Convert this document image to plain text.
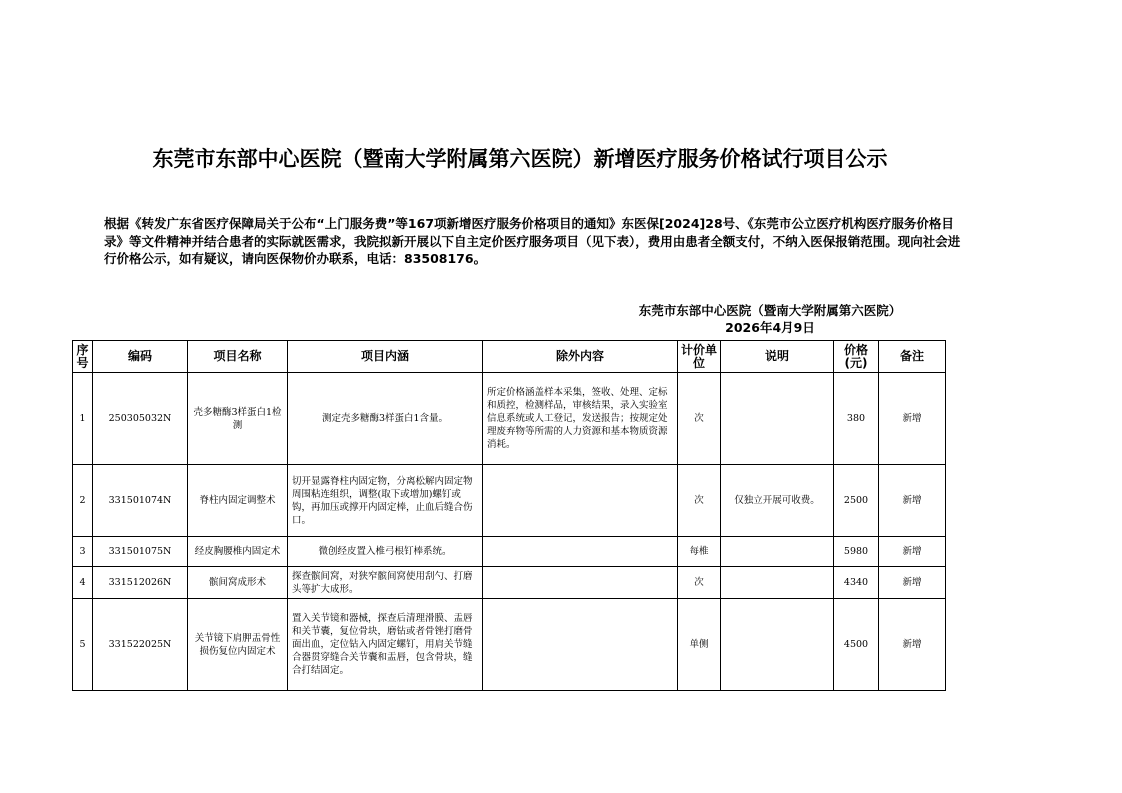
东莞市东部中心医院（暨南大学附属第六医院）新增医疗服务价格试行项目公示

根据《转发广东省医疗保障局关于公布“上门服务费”等167项新增医疗服务价格项目的通知》东医保[2024]28号、《东莞市公立医疗机构医疗服务价格目录》等文件精神并结合患者的实际就医需求，我院拟新开展以下自主定价医疗服务项目（见下表），费用由患者全额支付，不纳入医保报销范围。现向社会进行价格公示，如有疑议，请向医保物价办联系，电话：83508176。

东莞市东部中心医院（暨南大学附属第六医院）
2026年4月9日
序号	编码	项目名称	项目内涵	除外内容	计价单位	说明	价格(元)	备注
1	250305032N	壳多糖酶3样蛋白1检测	测定壳多糖酶3样蛋白1含量。	所定价格涵盖样本采集，签收、处理、定标和质控，检测样品，审核结果，录入实验室信息系统或人工登记，发送报告；按规定处理废弃物等所需的人力资源和基本物质资源消耗。	次		380	新增
2	331501074N	脊柱内固定调整术	切开显露脊柱内固定物，分离松解内固定物周围粘连组织，调整(取下或增加)螺钉或钩，再加压或撑开内固定棒，止血后缝合伤口。		次	仅独立开展可收费。	2500	新增
3	331501075N	经皮胸腰椎内固定术	微创经皮置入椎弓根钉棒系统。		每椎		5980	新增
4	331512026N	髌间窝成形术	探查髌间窝，对狭窄髌间窝使用刮勺、打磨头等扩大成形。		次		4340	新增
5	331522025N	关节镜下肩胛盂骨性损伤复位内固定术	置入关节镜和器械，探查后清理滑膜、盂唇和关节囊，复位骨块，磨钻或者骨锉打磨骨面出血，定位钻入内固定螺钉，用肩关节缝合器贯穿缝合关节囊和盂唇，包含骨块，缝合打结固定。		单侧		4500	新增
